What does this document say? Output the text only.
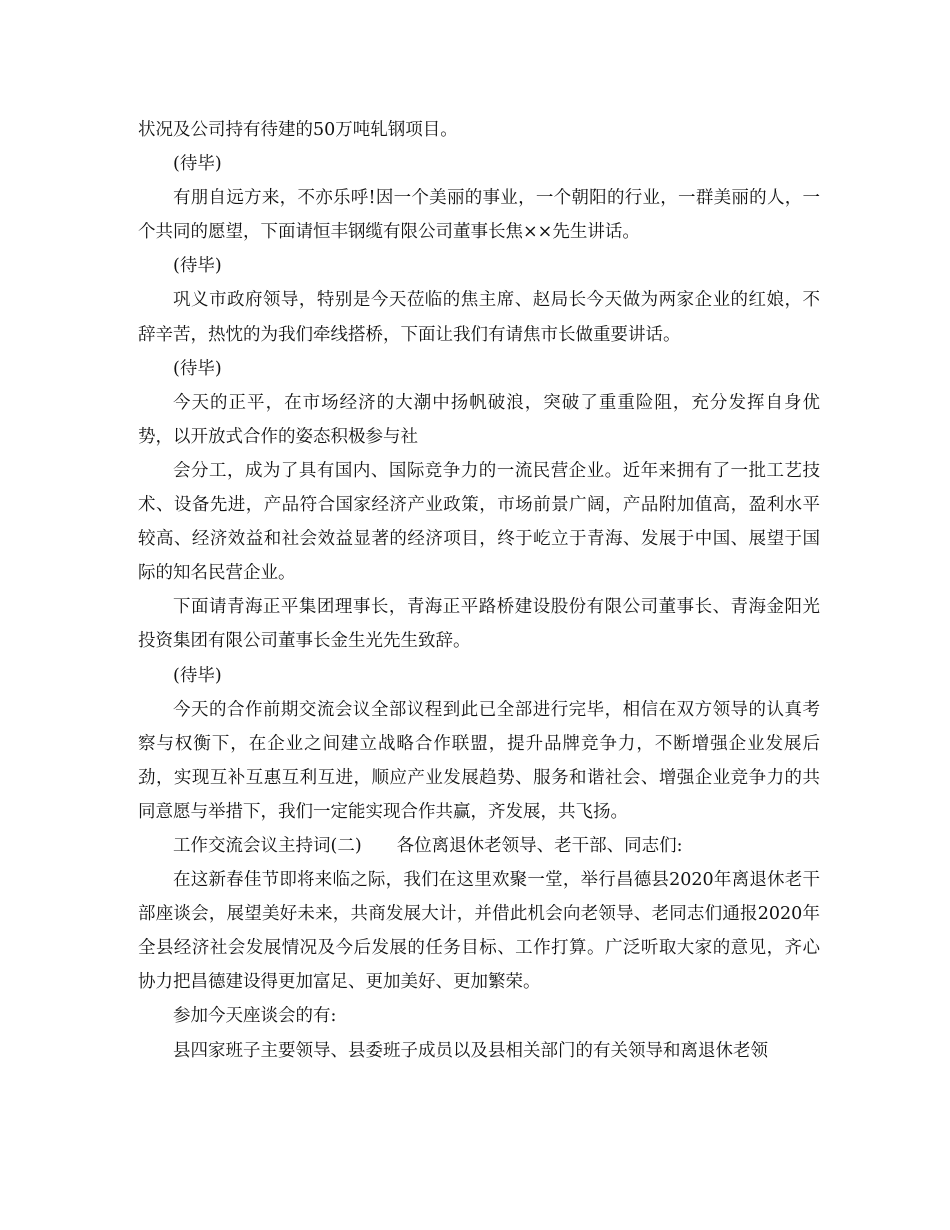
状况及公司持有待建的50万吨轧钢项目。

(待毕)

有朋自远方来，不亦乐呼!因一个美丽的事业，一个朝阳的行业，一群美丽的人，一个共同的愿望，下面请恒丰钢缆有限公司董事长焦××先生讲话。

(待毕)

巩义市政府领导，特别是今天莅临的焦主席、赵局长今天做为两家企业的红娘，不辞辛苦，热忱的为我们牵线搭桥，下面让我们有请焦市长做重要讲话。

(待毕)

今天的正平，在市场经济的大潮中扬帆破浪，突破了重重险阻，充分发挥自身优势，以开放式合作的姿态积极参与社

会分工，成为了具有国内、国际竞争力的一流民营企业。近年来拥有了一批工艺技术、设备先进，产品符合国家经济产业政策，市场前景广阔，产品附加值高，盈利水平较高、经济效益和社会效益显著的经济项目，终于屹立于青海、发展于中国、展望于国际的知名民营企业。

下面请青海正平集团理事长，青海正平路桥建设股份有限公司董事长、青海金阳光投资集团有限公司董事长金生光先生致辞。

(待毕)

今天的合作前期交流会议全部议程到此已全部进行完毕，相信在双方领导的认真考察与权衡下，在企业之间建立战略合作联盟，提升品牌竞争力，不断增强企业发展后劲，实现互补互惠互利互进，顺应产业发展趋势、服务和谐社会、增强企业竞争力的共同意愿与举措下，我们一定能实现合作共赢，齐发展，共飞扬。

工作交流会议主持词(二)　　各位离退休老领导、老干部、同志们:

在这新春佳节即将来临之际，我们在这里欢聚一堂，举行昌德县2020年离退休老干部座谈会，展望美好未来，共商发展大计，并借此机会向老领导、老同志们通报2020年全县经济社会发展情况及今后发展的任务目标、工作打算。广泛听取大家的意见，齐心协力把昌德建设得更加富足、更加美好、更加繁荣。

参加今天座谈会的有:

县四家班子主要领导、县委班子成员以及县相关部门的有关领导和离退休老领
